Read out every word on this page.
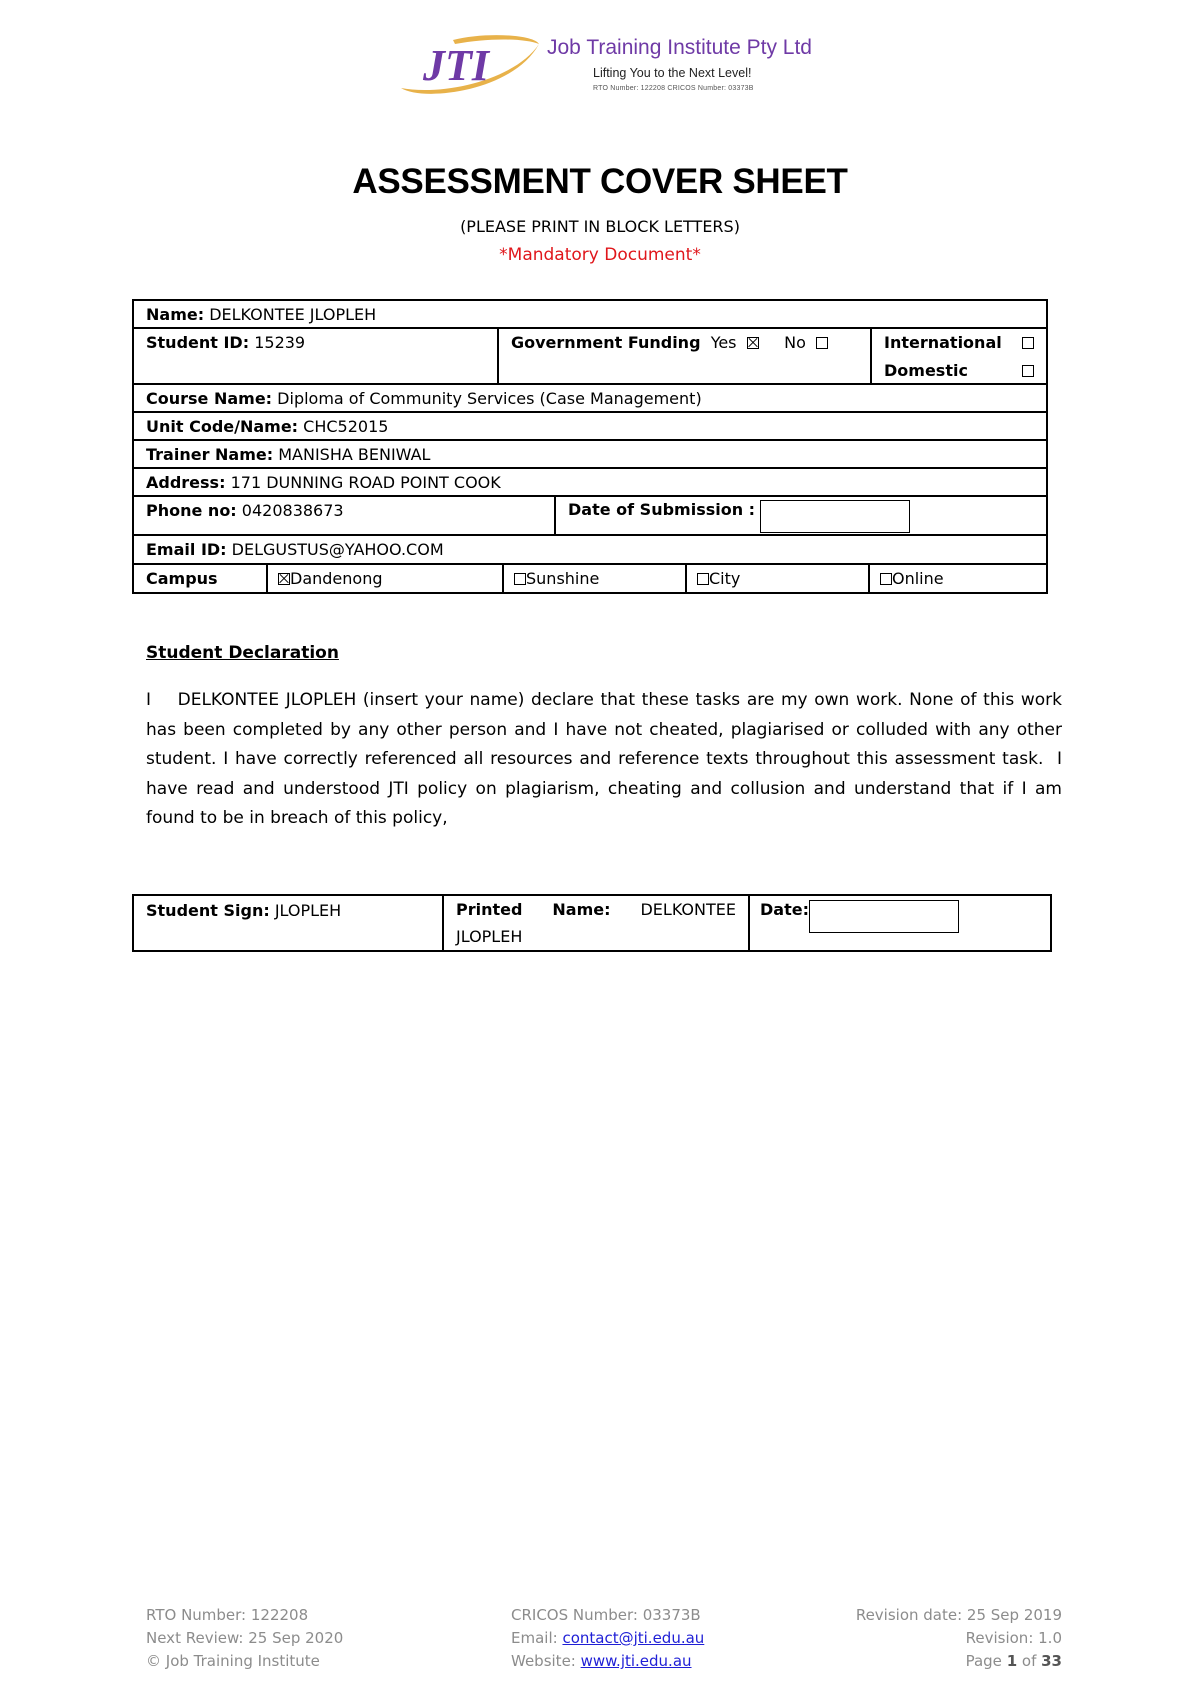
JTI	Job Training Institute Pty Ltd
Lifting You to the Next Level!
RTO Number: 122208 CRICOS Number: 03373B
ASSESSMENT COVER SHEET
(PLEASE PRINT IN BLOCK LETTERS)
*Mandatory Document*
Name: DELKONTEE JLOPLEH
Student ID: 15239	Government Funding Yes	No	International
Domestic
Course Name: Diploma of Community Services (Case Management)
Unit Code/Name: CHC52015
Trainer Name: MANISHA BENIWAL
Address: 171 DUNNING ROAD POINT COOK
Phone no: 0420838673	Date of Submission :
Email ID: DELGUSTUS@YAHOO.COM
Campus	Dandenong	Sunshine	City	Online
Student Declaration
I    DELKONTEE JLOPLEH (insert your name) declare that these tasks are my own work. None of this work has been completed by any other person and I have not cheated, plagiarised or colluded with any other student. I have correctly referenced all resources and reference texts throughout this assessment task.  I have read and understood JTI policy on plagiarism, cheating and collusion and understand that if I am found to be in breach of this policy,
Student Sign: JLOPLEH	Printed Name: DELKONTEE
JLOPLEH
Date:
RTO Number: 122208
Next Review: 25 Sep 2020
© Job Training Institute
CRICOS Number: 03373B
Email: contact@jti.edu.au
Website: www.jti.edu.au
Revision date: 25 Sep 2019
Revision: 1.0
Page 1 of 33
